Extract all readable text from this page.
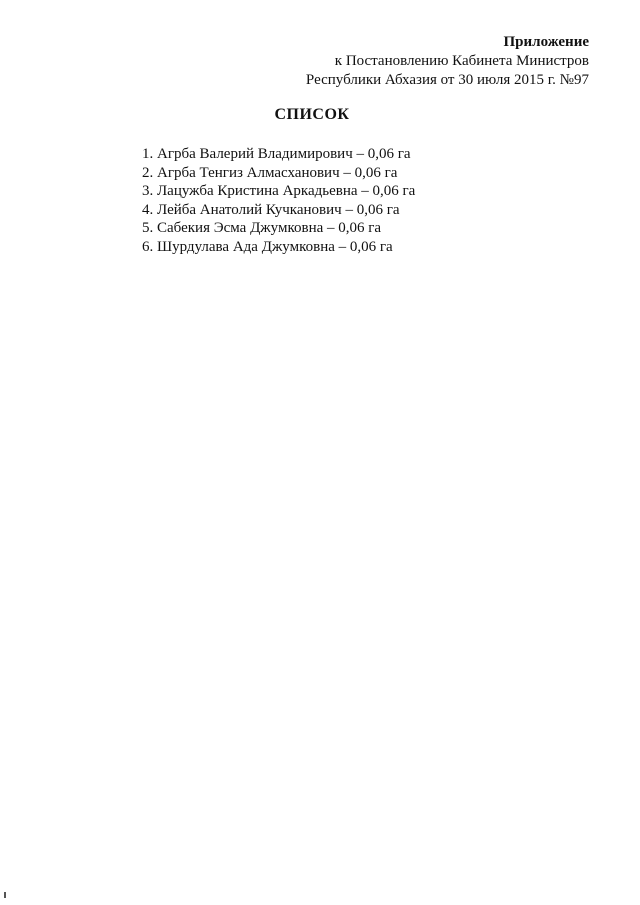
Приложение
к Постановлению Кабинета Министров
Республики Абхазия от 30 июля 2015 г. №97
СПИСОК
1. Агрба Валерий Владимирович – 0,06 га
2. Агрба Тенгиз Алмасханович – 0,06 га
3. Лацужба Кристина Аркадьевна – 0,06 га
4. Лейба Анатолий Кучканович – 0,06 га
5. Сабекия Эсма Джумковна – 0,06 га
6. Шурдулава Ада Джумковна – 0,06 га
